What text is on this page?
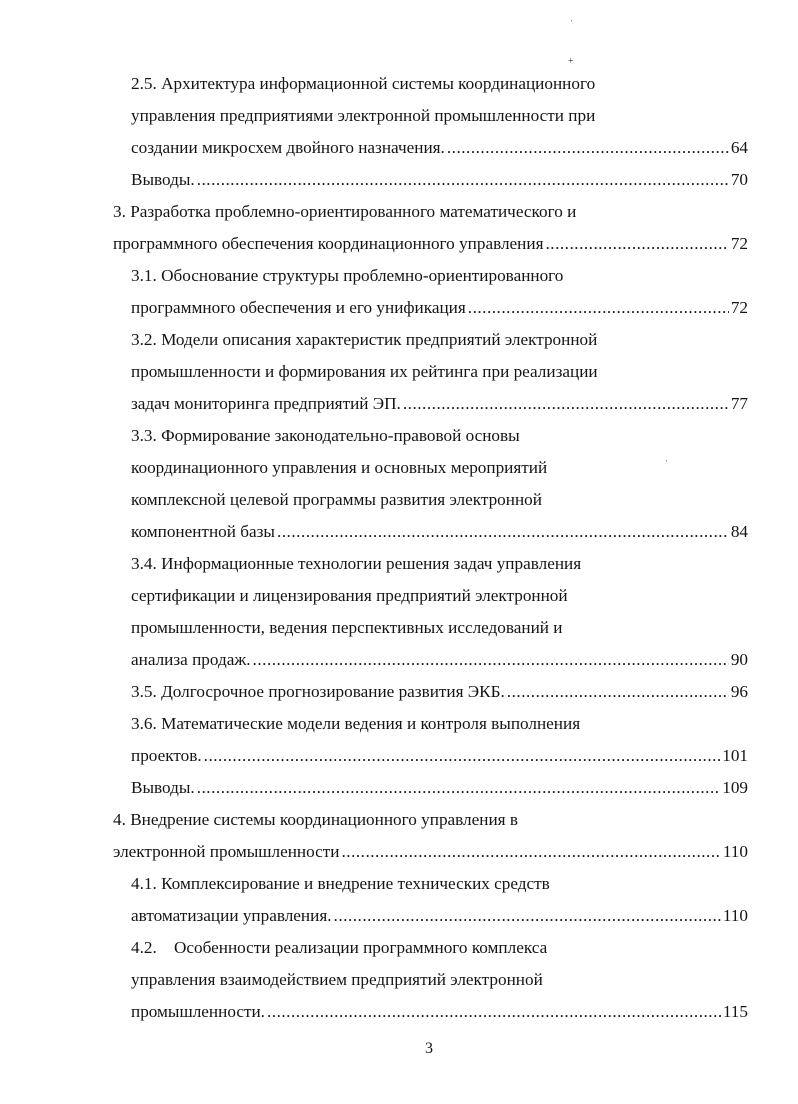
2.5. Архитектура информационной системы координационного
управления предприятиями электронной промышленности при
создании микросхем двойного назначения. .....	64
Выводы. .....	70
3. Разработка проблемно-ориентированного математического и
программного обеспечения координационного управления .....	72
3.1. Обоснование структуры проблемно-ориентированного
программного обеспечения и его унификация .....	72
3.2. Модели описания характеристик предприятий электронной
промышленности и формирования их рейтинга при реализации
задач мониторинга предприятий ЭП. .....	77
3.3. Формирование законодательно-правовой основы
координационного управления и основных мероприятий
комплексной целевой программы развития электронной
компонентной базы .....	84
3.4. Информационные технологии решения задач управления
сертификации и лицензирования предприятий электронной
промышленности, ведения перспективных исследований и
анализа продаж. .....	90
3.5. Долгосрочное прогнозирование развития ЭКБ. .....	96
3.6. Математические модели ведения и контроля выполнения
проектов. .....	101
Выводы. .....	109
4. Внедрение системы координационного управления в
электронной промышленности .....	110
4.1. Комплексирование и внедрение технических средств
автоматизации управления. .....	110
4.2.    Особенности реализации программного комплекса
управления взаимодействием предприятий электронной
промышленности. .....	115
ˈ
+
ˈ
3
